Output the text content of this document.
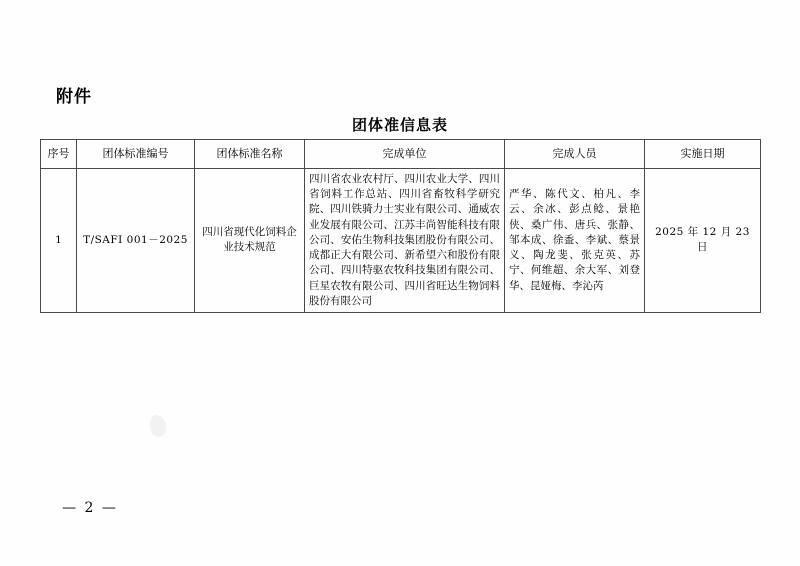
附件
团体准信息表
序号	团体标准编号	团体标准名称	完成单位	完成人员	实施日期
1	T/SAFI 001－2025	四川省现代化饲料企业技术规范	四川省农业农村厅、四川农业大学、四川省饲料工作总站、四川省畜牧科学研究院、四川铁骑力士实业有限公司、通威农业发展有限公司、江苏丰尚智能科技有限公司、安佑生物科技集团股份有限公司、成都正大有限公司、新希望六和股份有限公司、四川特驱农牧科技集团有限公司、巨星农牧有限公司、四川省旺达生物饲料股份有限公司	严华、陈代文、柏凡、李云、余冰、彭点鲶、景艳侠、桑广伟、唐兵、张静、邹本成、徐盉、李斌、蔡景义、陶龙斐、张克英、苏宁、何维超、余大军、刘登华、昆娅梅、李沁芮	2025 年 12 月 23 日
— 2 —
